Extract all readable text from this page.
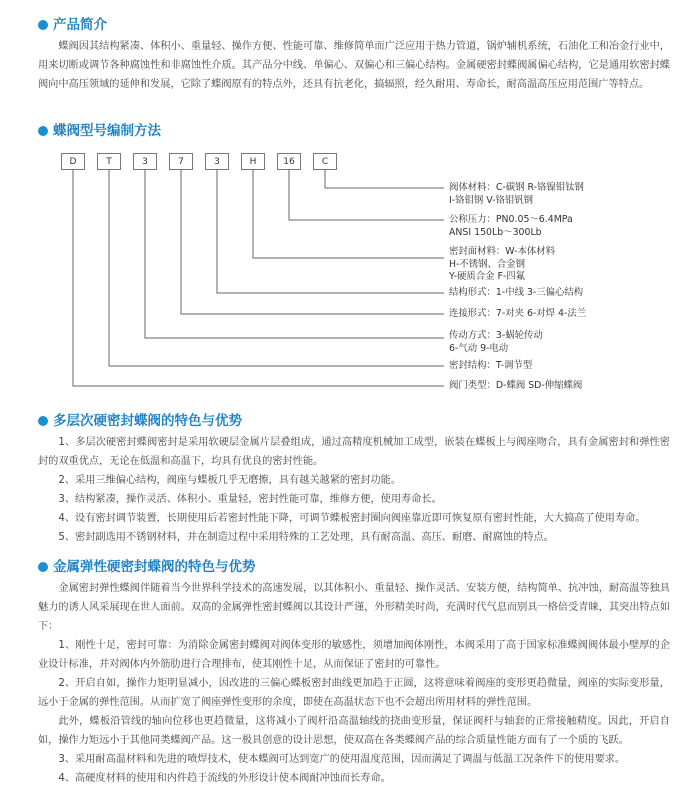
产品简介

蝶阀因其结构紧凑、体积小、重量轻、操作方便、性能可靠、维修简单而广泛应用于热力管道，锅炉辅机系统，石油化工和冶金行业中，用来切断或调节各种腐蚀性和非腐蚀性介质。其产品分中线、单偏心、双偏心和三偏心结构。金属硬密封蝶阀属偏心结构，它是通用软密封蝶阀向中高压领域的延伸和发展，它除了蝶阀原有的特点外，还具有抗老化，搞辐照，经久耐用、寿命长，耐高温高压应用范围广等特点。

蝶阀型号编制方法
D	T	3	7	3	H	16	C
阀体材料：C-碳钢 R-铬镍钼钛钢
I-铬钼钢 V-铬钼钒钢
公称压力：PN0.05～6.4MPa
ANSI 150Lb～300Lb
密封面材料：W-本体材料
H-不锈钢、合金钢
Y-硬质合金 F-四氟
结构形式：1-中线 3-三偏心结构
连接形式：7-对夹 6-对焊 4-法兰
传动方式：3-蜗轮传动
6-气动 9-电动
密封结构：T-调节型
阀门类型：D-蝶阀 SD-伸缩蝶阀
多层次硬密封蝶阀的特色与优势

1、多层次硬密封蝶阀密封是采用软硬层金属片层叠组成，通过高精度机械加工成型，嵌装在蝶板上与阀座吻合，具有金属密封和弹性密封的双重优点，无论在低温和高温下，均具有优良的密封性能。

2、采用三维偏心结构，阀座与蝶板几乎无磨擦，具有越关越紧的密封功能。

3、结构紧凑，操作灵活、体积小、重量轻，密封性能可靠，维修方便，使用寿命长。

4、设有密封调节装置，长期使用后若密封性能下降，可调节蝶板密封圈向阀座靠近即可恢复原有密封性能，大大搞高了使用寿命。

5、密封副选用不锈钢材料，并在制造过程中采用特殊的工艺处理，具有耐高温、高压、耐磨、耐腐蚀的特点。

金属弹性硬密封蝶阀的特色与优势

金属密封弹性蝶阀伴随着当今世界科学技术的高速发展，以其体积小、重量轻、操作灵活、安装方便，结构简单、抗冲蚀，耐高温等独具魅力的诱人风采展现在世人面前。双高的金属弹性密封蝶阀以其设计严谨，外形精美时尚，充满时代气息而别具一格倍受青睐，其突出特点如下：

1、刚性十足，密封可靠：为消除金属密封蝶阀对阀体变形的敏感性，须增加阀体刚性，本阀采用了高于国家标准蝶阀阀体最小壁厚的企业设计标准，并对阀体内外筋肋进行合理排布，使其刚性十足，从而保证了密封的可靠性。

2、开启自如，操作力矩明显减小，因改进的三偏心蝶板密封曲线更加趋于正圆，这将意味着阀座的变形更趋微量，阀座的实际变形量，远小于金属的弹性范围。从而扩宽了阀座弹性变形的余度，即使在高温状态下也不会超出所用材料的弹性范围。

此外，蝶板沿管线的轴向位移也更趋微量，这将减小了阀杆沿高温轴线的挠曲变形量，保证阀杆与轴套的正常接触精度。因此，开启自如，操作力矩远小于其他同类蝶阀产品。这一极具创意的设计思想，使双高在各类蝶阀产品的综合质量性能方面有了一个质的飞跃。

3、采用耐高温材料和先进的喷焊技术，使本蝶阀可达到宽广的使用温度范围，因而满足了调温与低温工况条件下的使用要求。

4、高硬度材料的使用和内件趋于流线的外形设计使本阀耐冲蚀而长寿命。
